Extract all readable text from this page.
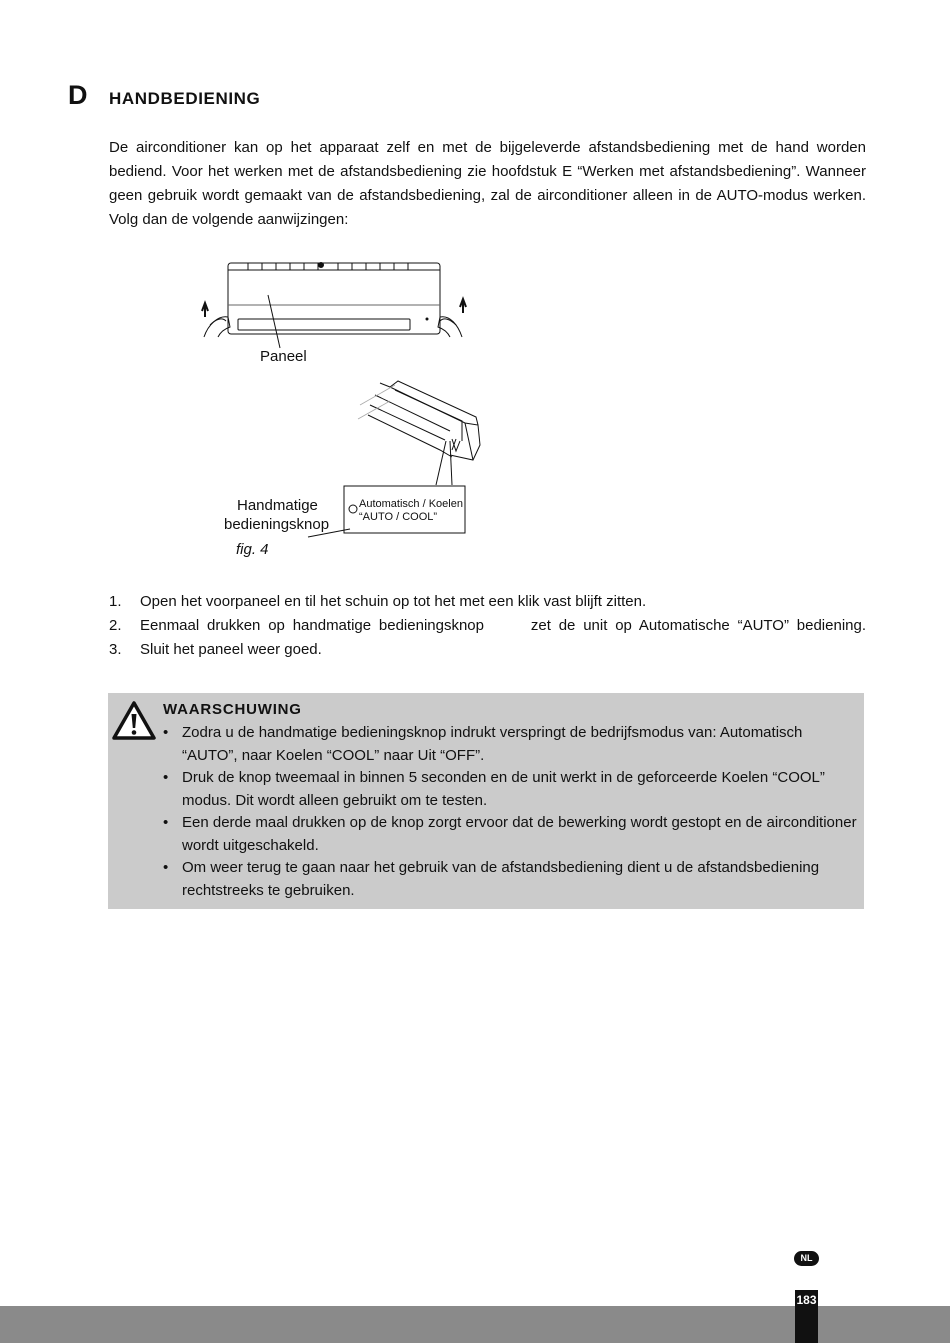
D HANDBEDIENING

De airconditioner kan op het apparaat zelf en met de bijgeleverde afstandsbediening met de hand worden bediend. Voor het werken met de afstandsbediening zie hoofdstuk E “Werken met afstandsbediening”. Wanneer geen gebruik wordt gemaakt van de afstandsbediening, zal de airconditioner alleen in de AUTO-modus werken. Volg dan de volgende aanwijzingen:

Paneel
Handmatige
bedieningsknop
Automatisch / Koelen
“AUTO / COOL”
fig. 4
1. Open het voorpaneel en til het schuin op tot het met een klik vast blijft zitten.
2. Eenmaal drukken op handmatige bedieningsknop      zet de unit op Automatische “AUTO” bediening.
3. Sluit het paneel weer goed.
WAARSCHUWING
• Zodra u de handmatige bedieningsknop indrukt verspringt de bedrijfsmodus van: Automatisch “AUTO”, naar Koelen “COOL” naar Uit “OFF”.
• Druk de knop tweemaal in binnen 5 seconden en de unit werkt in de geforceerde Koelen “COOL” modus. Dit wordt alleen gebruikt om te testen.
• Een derde maal drukken op de knop zorgt ervoor dat de bewerking wordt gestopt en de airconditioner wordt uitgeschakeld.
• Om weer terug te gaan naar het gebruik van de afstandsbediening dient u de afstandsbediening rechtstreeks te gebruiken.
NL
183
